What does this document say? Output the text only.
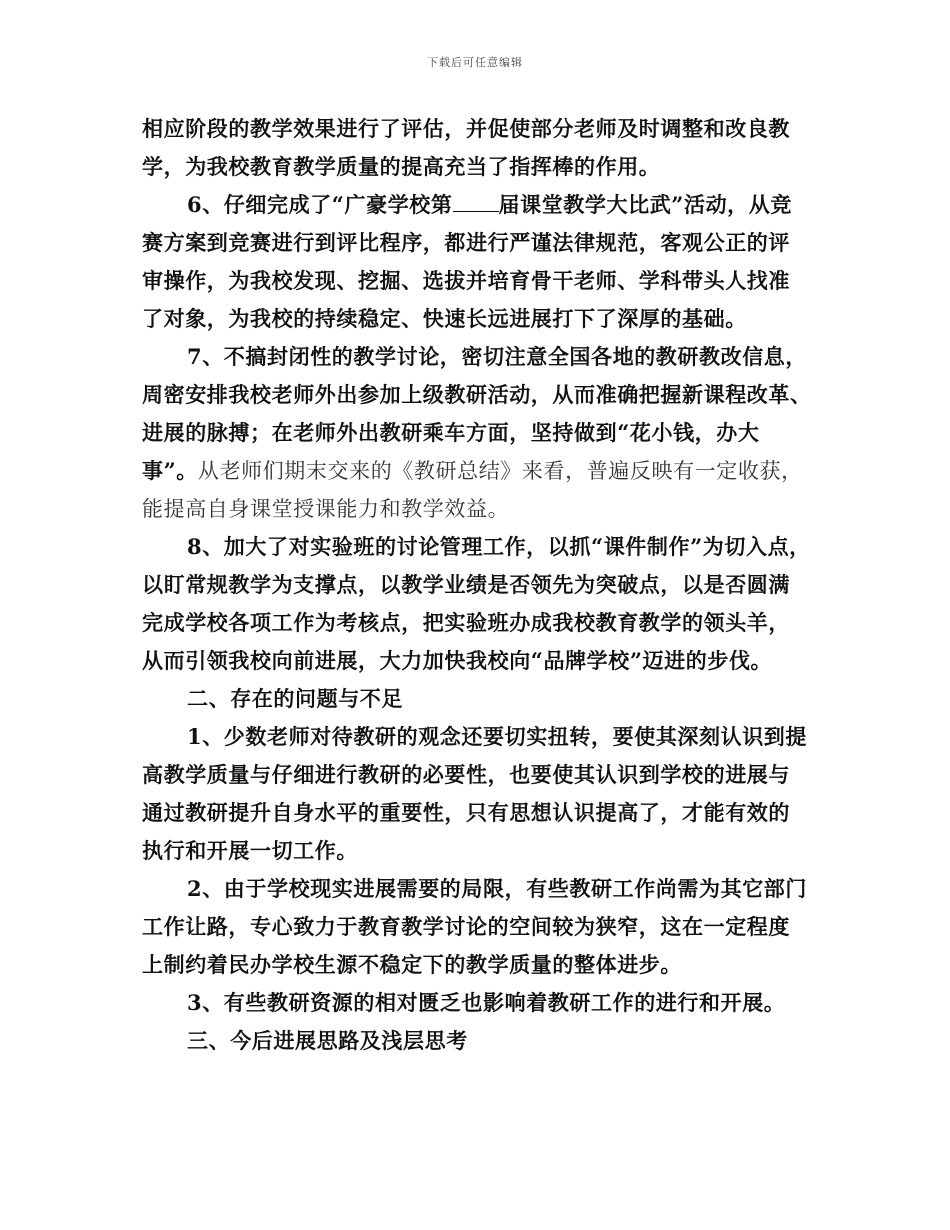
下载后可任意编辑
相应阶段的教学效果进行了评估，并促使部分老师及时调整和改良教
学，为我校教育教学质量的提高充当了指挥棒的作用。
6、仔细完成了“广豪学校第 届课堂教学大比武”活动，从竞
赛方案到竞赛进行到评比程序，都进行严谨法律规范，客观公正的评
审操作，为我校发现、挖掘、选拔并培育骨干老师、学科带头人找准
了对象，为我校的持续稳定、快速长远进展打下了深厚的基础。
7、不搞封闭性的教学讨论，密切注意全国各地的教研教改信息，
周密安排我校老师外出参加上级教研活动，从而准确把握新课程改革、
进展的脉搏；在老师外出教研乘车方面，坚持做到“花小钱，办大
事”。从老师们期末交来的《教研总结》来看，普遍反映有一定收获，
能提高自身课堂授课能力和教学效益。
8、加大了对实验班的讨论管理工作，以抓“课件制作”为切入点，
以盯常规教学为支撑点，以教学业绩是否领先为突破点，以是否圆满
完成学校各项工作为考核点，把实验班办成我校教育教学的领头羊，
从而引领我校向前进展，大力加快我校向“品牌学校”迈进的步伐。
二、存在的问题与不足
1、少数老师对待教研的观念还要切实扭转，要使其深刻认识到提
高教学质量与仔细进行教研的必要性，也要使其认识到学校的进展与
通过教研提升自身水平的重要性，只有思想认识提高了，才能有效的
执行和开展一切工作。
2、由于学校现实进展需要的局限，有些教研工作尚需为其它部门
工作让路，专心致力于教育教学讨论的空间较为狭窄，这在一定程度
上制约着民办学校生源不稳定下的教学质量的整体进步。
3、有些教研资源的相对匮乏也影响着教研工作的进行和开展。
三、今后进展思路及浅层思考
